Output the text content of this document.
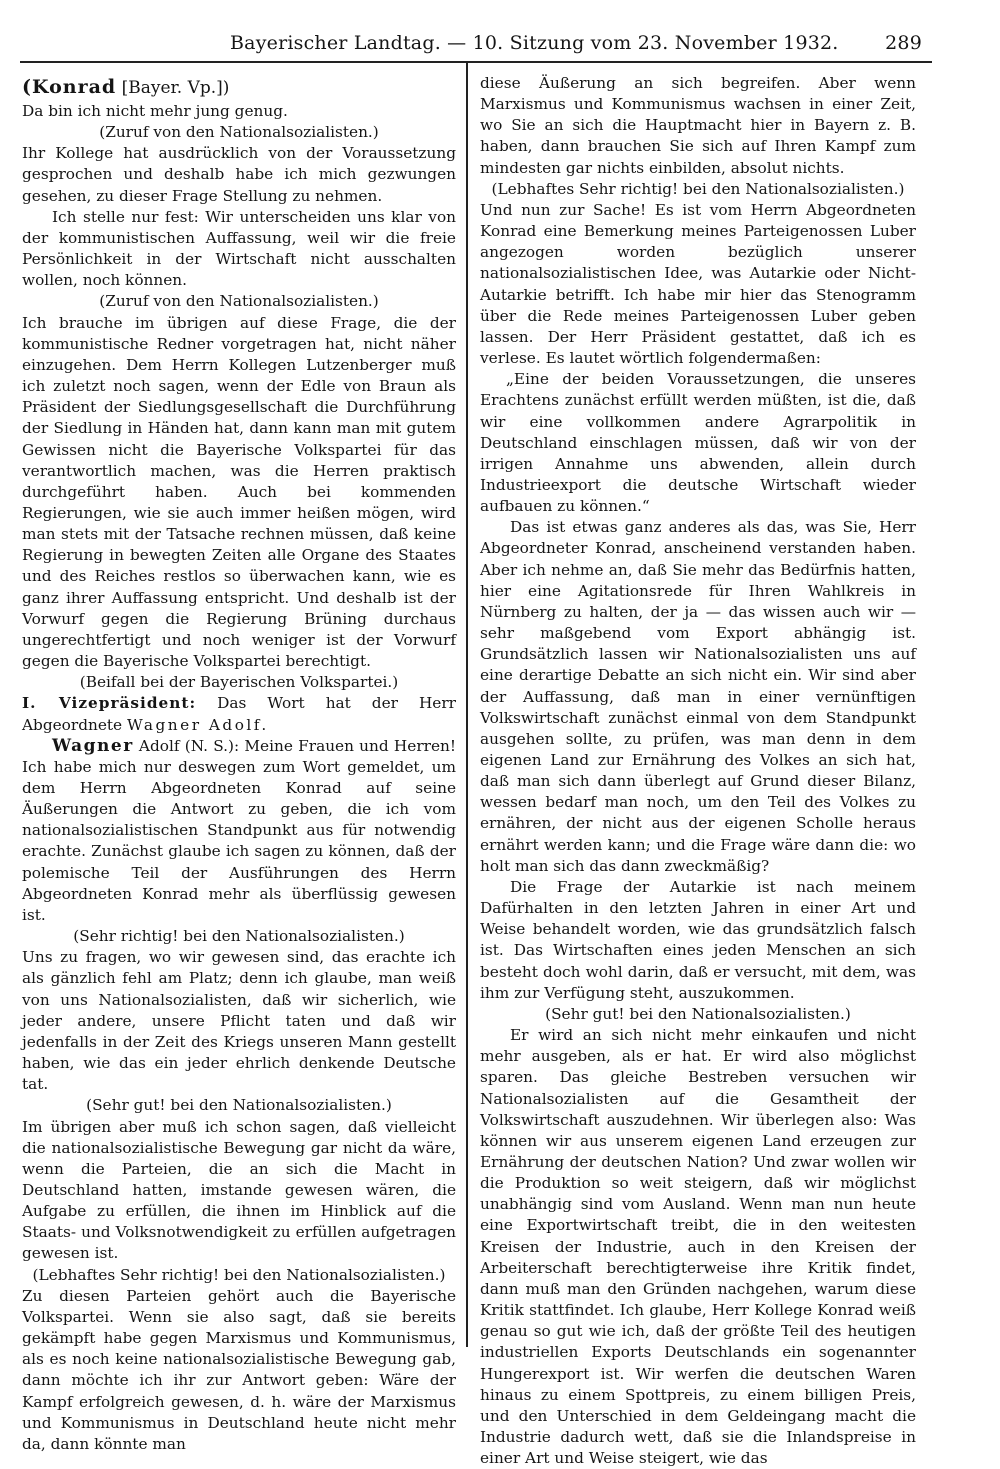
Bayerischer Landtag. — 10. Sitzung vom 23. November 1932. 289

(Konrad [Bayer. Vp.])

Da bin ich nicht mehr jung genug.

(Zuruf von den Nationalsozialisten.)

Ihr Kollege hat ausdrücklich von der Voraussetzung gesprochen und deshalb habe ich mich gezwungen gesehen, zu dieser Frage Stellung zu nehmen.

Ich stelle nur fest: Wir unterscheiden uns klar von der kommunistischen Auffassung, weil wir die freie Persönlichkeit in der Wirtschaft nicht ausschalten wollen, noch können.

(Zuruf von den Nationalsozialisten.)

Ich brauche im übrigen auf diese Frage, die der kommunistische Redner vorgetragen hat, nicht näher einzugehen. Dem Herrn Kollegen Lutzenberger muß ich zuletzt noch sagen, wenn der Edle von Braun als Präsident der Siedlungsgesellschaft die Durchführung der Siedlung in Händen hat, dann kann man mit gutem Gewissen nicht die Bayerische Volkspartei für das verantwortlich machen, was die Herren praktisch durchgeführt haben. Auch bei kommenden Regierungen, wie sie auch immer heißen mögen, wird man stets mit der Tatsache rechnen müssen, daß keine Regierung in bewegten Zeiten alle Organe des Staates und des Reiches restlos so überwachen kann, wie es ganz ihrer Auffassung entspricht. Und deshalb ist der Vorwurf gegen die Regierung Brüning durchaus ungerechtfertigt und noch weniger ist der Vorwurf gegen die Bayerische Volkspartei berechtigt.

(Beifall bei der Bayerischen Volkspartei.)

I. Vizepräsident: Das Wort hat der Herr Abgeordnete Wagner Adolf.

Wagner Adolf (N. S.): Meine Frauen und Herren! Ich habe mich nur deswegen zum Wort gemeldet, um dem Herrn Abgeordneten Konrad auf seine Äußerungen die Antwort zu geben, die ich vom nationalsozialistischen Standpunkt aus für notwendig erachte. Zunächst glaube ich sagen zu können, daß der polemische Teil der Ausführungen des Herrn Abgeordneten Konrad mehr als überflüssig gewesen ist.

(Sehr richtig! bei den Nationalsozialisten.)

Uns zu fragen, wo wir gewesen sind, das erachte ich als gänzlich fehl am Platz; denn ich glaube, man weiß von uns Nationalsozialisten, daß wir sicherlich, wie jeder andere, unsere Pflicht taten und daß wir jedenfalls in der Zeit des Kriegs unseren Mann gestellt haben, wie das ein jeder ehrlich denkende Deutsche tat.

(Sehr gut! bei den Nationalsozialisten.)

Im übrigen aber muß ich schon sagen, daß vielleicht die nationalsozialistische Bewegung gar nicht da wäre, wenn die Parteien, die an sich die Macht in Deutschland hatten, imstande gewesen wären, die Aufgabe zu erfüllen, die ihnen im Hinblick auf die Staats- und Volksnotwendigkeit zu erfüllen aufgetragen gewesen ist.

(Lebhaftes Sehr richtig! bei den Nationalsozialisten.)

Zu diesen Parteien gehört auch die Bayerische Volkspartei. Wenn sie also sagt, daß sie bereits gekämpft habe gegen Marxismus und Kommunismus, als es noch keine nationalsozialistische Bewegung gab, dann möchte ich ihr zur Antwort geben: Wäre der Kampf erfolgreich gewesen, d. h. wäre der Marxismus und Kommunismus in Deutschland heute nicht mehr da, dann könnte man

diese Äußerung an sich begreifen. Aber wenn Marxismus und Kommunismus wachsen in einer Zeit, wo Sie an sich die Hauptmacht hier in Bayern z. B. haben, dann brauchen Sie sich auf Ihren Kampf zum mindesten gar nichts einbilden, absolut nichts.

(Lebhaftes Sehr richtig! bei den Nationalsozialisten.)

Und nun zur Sache! Es ist vom Herrn Abgeordneten Konrad eine Bemerkung meines Parteigenossen Luber angezogen worden bezüglich unserer nationalsozialistischen Idee, was Autarkie oder Nicht-Autarkie betrifft. Ich habe mir hier das Stenogramm über die Rede meines Parteigenossen Luber geben lassen. Der Herr Präsident gestattet, daß ich es verlese. Es lautet wörtlich folgendermaßen:

„Eine der beiden Voraussetzungen, die unseres Erachtens zunächst erfüllt werden müßten, ist die, daß wir eine vollkommen andere Agrarpolitik in Deutschland einschlagen müssen, daß wir von der irrigen Annahme uns abwenden, allein durch Industrieexport die deutsche Wirtschaft wieder aufbauen zu können.“

Das ist etwas ganz anderes als das, was Sie, Herr Abgeordneter Konrad, anscheinend verstanden haben. Aber ich nehme an, daß Sie mehr das Bedürfnis hatten, hier eine Agitationsrede für Ihren Wahlkreis in Nürnberg zu halten, der ja — das wissen auch wir — sehr maßgebend vom Export abhängig ist. Grundsätzlich lassen wir Nationalsozialisten uns auf eine derartige Debatte an sich nicht ein. Wir sind aber der Auffassung, daß man in einer vernünftigen Volkswirtschaft zunächst einmal von dem Standpunkt ausgehen sollte, zu prüfen, was man denn in dem eigenen Land zur Ernährung des Volkes an sich hat, daß man sich dann überlegt auf Grund dieser Bilanz, wessen bedarf man noch, um den Teil des Volkes zu ernähren, der nicht aus der eigenen Scholle heraus ernährt werden kann; und die Frage wäre dann die: wo holt man sich das dann zweckmäßig?

Die Frage der Autarkie ist nach meinem Dafürhalten in den letzten Jahren in einer Art und Weise behandelt worden, wie das grundsätzlich falsch ist. Das Wirtschaften eines jeden Menschen an sich besteht doch wohl darin, daß er versucht, mit dem, was ihm zur Verfügung steht, auszukommen.

(Sehr gut! bei den Nationalsozialisten.)

Er wird an sich nicht mehr einkaufen und nicht mehr ausgeben, als er hat. Er wird also möglichst sparen. Das gleiche Bestreben versuchen wir Nationalsozialisten auf die Gesamtheit der Volkswirtschaft auszudehnen. Wir überlegen also: Was können wir aus unserem eigenen Land erzeugen zur Ernährung der deutschen Nation? Und zwar wollen wir die Produktion so weit steigern, daß wir möglichst unabhängig sind vom Ausland. Wenn man nun heute eine Exportwirtschaft treibt, die in den weitesten Kreisen der Industrie, auch in den Kreisen der Arbeiterschaft berechtigterweise ihre Kritik findet, dann muß man den Gründen nachgehen, warum diese Kritik stattfindet. Ich glaube, Herr Kollege Konrad weiß genau so gut wie ich, daß der größte Teil des heutigen industriellen Exports Deutschlands ein sogenannter Hungerexport ist. Wir werfen die deutschen Waren hinaus zu einem Spottpreis, zu einem billigen Preis, und den Unterschied in dem Geldeingang macht die Industrie dadurch wett, daß sie die Inlandspreise in einer Art und Weise steigert, wie das
